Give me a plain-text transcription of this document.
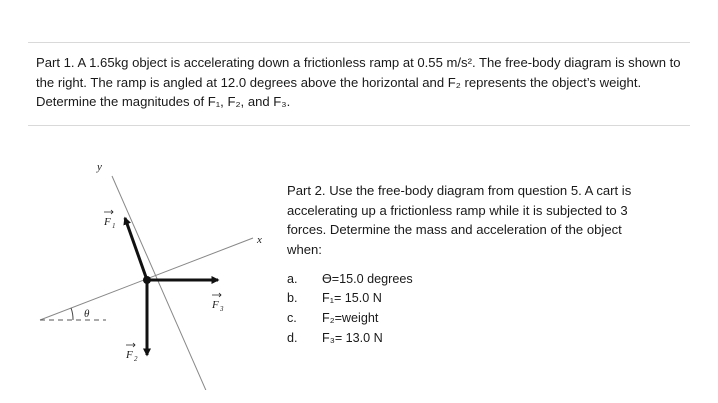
Part 1. A 1.65kg object is accelerating down a frictionless ramp at 0.55 m/s². The free-body diagram is shown to the right. The ramp is angled at 12.0 degrees above the horizontal and F₂ represents the object’s weight. Determine the magnitudes of F₁, F₂, and F₃.

Part 2. Use the free-body diagram from question 5. A cart is accelerating up a frictionless ramp while it is subjected to 3 forces. Determine the mass and acceleration of the object when:

a.	ϴ=15.0 degrees
b.	F₁= 15.0 N
c.	F₂=weight
d.	F₃= 13.0 N
y
x
θ
F 1
F 2
F 3
